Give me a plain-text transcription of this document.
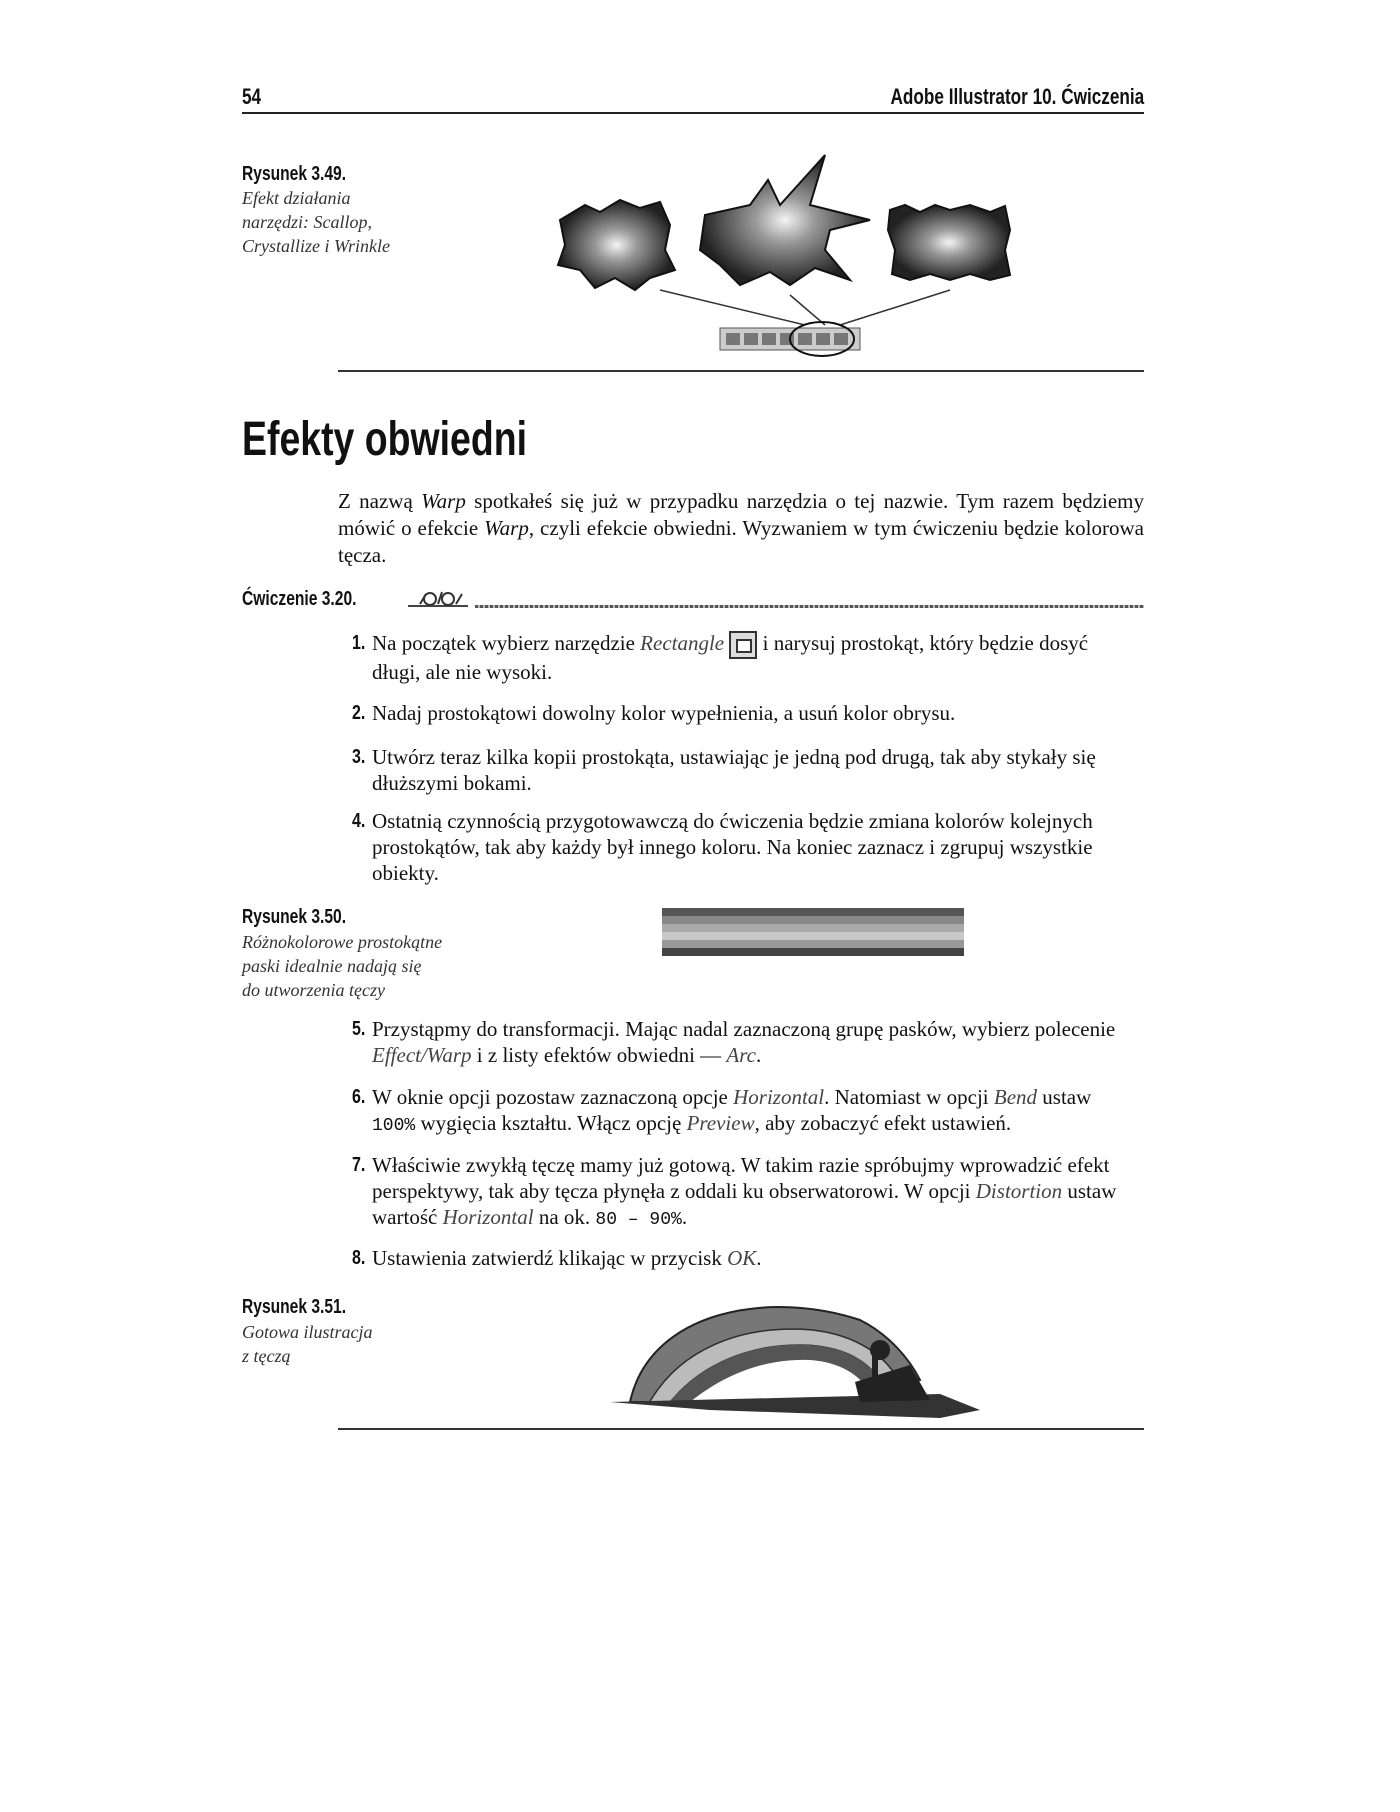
54	Adobe Illustrator 10. Ćwiczenia
Rysunek 3.49.
Efekt działania
narzędzi: Scallop,
Crystallize i Wrinkle
Efekty obwiedni
Z nazwą Warp spotkałeś się już w przypadku narzędzia o tej nazwie. Tym razem będziemy mówić o efekcie Warp, czyli efekcie obwiedni. Wyzwaniem w tym ćwiczeniu będzie kolorowa tęcza.
Ćwiczenie 3.20.
1. Na początek wybierz narzędzie Rectangle
i narysuj prostokąt, który będzie dosyć długi, ale nie wysoki.
2. Nadaj prostokątowi dowolny kolor wypełnienia, a usuń kolor obrysu.
3. Utwórz teraz kilka kopii prostokąta, ustawiając je jedną pod drugą, tak aby stykały się dłuższymi bokami.
4. Ostatnią czynnością przygotowawczą do ćwiczenia będzie zmiana kolorów kolejnych prostokątów, tak aby każdy był innego koloru. Na koniec zaznacz i zgrupuj wszystkie obiekty.
Rysunek 3.50.
Różnokolorowe prostokątne
paski idealnie nadają się
do utworzenia tęczy
5. Przystąpmy do transformacji. Mając nadal zaznaczoną grupę pasków, wybierz polecenie Effect/Warp i z listy efektów obwiedni — Arc.
6. W oknie opcji pozostaw zaznaczoną opcje Horizontal. Natomiast w opcji Bend ustaw 100% wygięcia kształtu. Włącz opcję Preview, aby zobaczyć efekt ustawień.
7. Właściwie zwykłą tęczę mamy już gotową. W takim razie spróbujmy wprowadzić efekt perspektywy, tak aby tęcza płynęła z oddali ku obserwatorowi. W opcji Distortion ustaw wartość Horizontal na ok. 80 – 90%.
8. Ustawienia zatwierdź klikając w przycisk OK.
Rysunek 3.51.
Gotowa ilustracja
z tęczą
